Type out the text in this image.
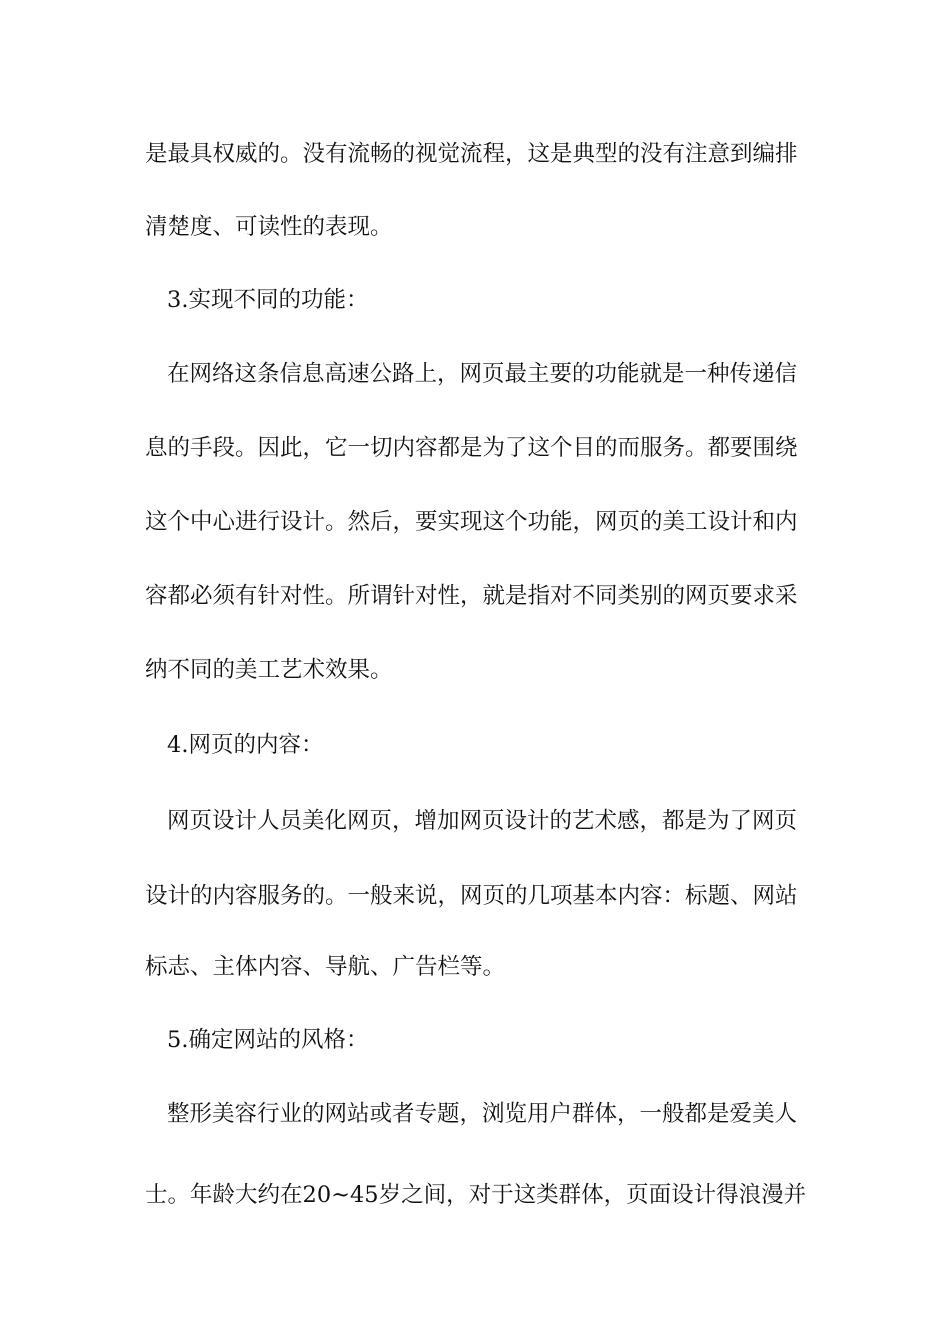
是最具权威的。没有流畅的视觉流程，这是典型的没有注意到编排
清楚度、可读性的表现。
3.实现不同的功能：
在网络这条信息高速公路上，网页最主要的功能就是一种传递信
息的手段。因此，它一切内容都是为了这个目的而服务。都要围绕
这个中心进行设计。然后，要实现这个功能，网页的美工设计和内
容都必须有针对性。所谓针对性，就是指对不同类别的网页要求采
纳不同的美工艺术效果。
4.网页的内容：
网页设计人员美化网页，增加网页设计的艺术感，都是为了网页
设计的内容服务的。一般来说，网页的几项基本内容：标题、网站
标志、主体内容、导航、广告栏等。
5.确定网站的风格：
整形美容行业的网站或者专题，浏览用户群体，一般都是爱美人
士。年龄大约在20~45岁之间，对于这类群体，页面设计得浪漫并
